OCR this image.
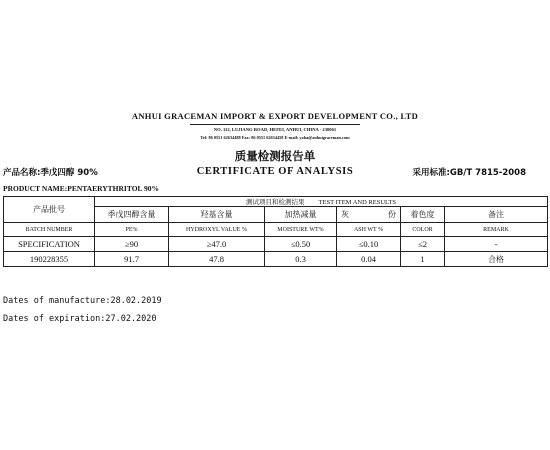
ANHUI GRACEMAN IMPORT & EXPORT DEVELOPMENT CO., LTD
NO. 112, LUJIANG ROAD, HEFEI, ANHUI, CHINA - 230061
Tel: 86 0551 62634488 Fax: 86 0551 62634458 E-mail: yaba@anhuigraceman.com
质量检测报告单
产品名称:季戊四醇 90%	CERTIFICATE OF ANALYSIS	采用标准:GB/T 7815-2008
PRODUCT NAME:PENTAERYTHRITOL 90%
产品批号	测试项目和检测结果 TEST ITEM AND RESULTS					
	季戊四醇含量	羟基含量	加热减量	灰 份	着色度	备注
BATCH NUMBER	PE%	HYDROXYL VALUE %	MOISTURE WT%	ASH WT %	COLOR	REMARK
SPECIFICATION	≥90	≥47.0	≤0.50	≤0.10	≤2	-
190228355	91.7	47.8	0.3	0.04	1	合格
Dates of manufacture:28.02.2019
Dates of expiration:27.02.2020
